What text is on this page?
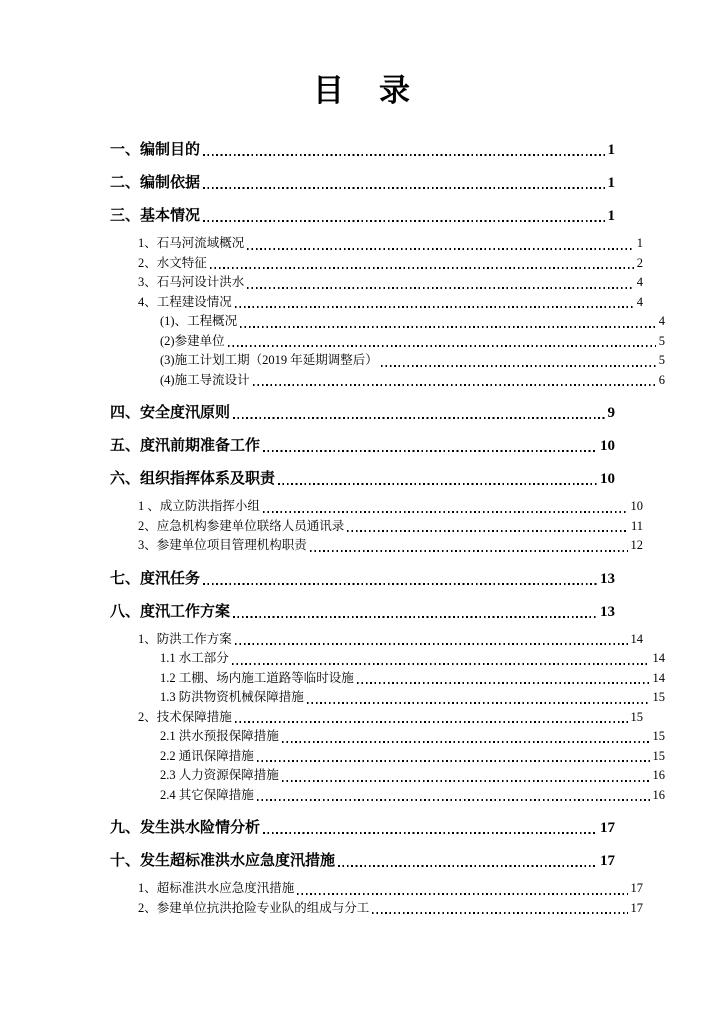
目　录
一、编制目的	1
二、编制依据	1
三、基本情况	1
1、石马河流域概况	1
2、水文特征	2
3、石马河设计洪水	4
4、工程建设情况	4
(1)、工程概况	4
(2)参建单位	5
(3)施工计划工期（2019 年延期调整后）	5
(4)施工导流设计	6
四、安全度汛原则	9
五、度汛前期准备工作	10
六、组织指挥体系及职责	10
1 、成立防洪指挥小组	10
2、应急机构参建单位联络人员通讯录	11
3、参建单位项目管理机构职责	12
七、度汛任务	13
八、度汛工作方案	13
1、防洪工作方案	14
1.1 水工部分	14
1.2 工棚、场内施工道路等临时设施	14
1.3 防洪物资机械保障措施	15
2、技术保障措施	15
2.1 洪水预报保障措施	15
2.2 通讯保障措施	15
2.3 人力资源保障措施	16
2.4 其它保障措施	16
九、发生洪水险情分析	17
十、发生超标准洪水应急度汛措施	17
1、超标准洪水应急度汛措施	17
2、参建单位抗洪抢险专业队的组成与分工	17
